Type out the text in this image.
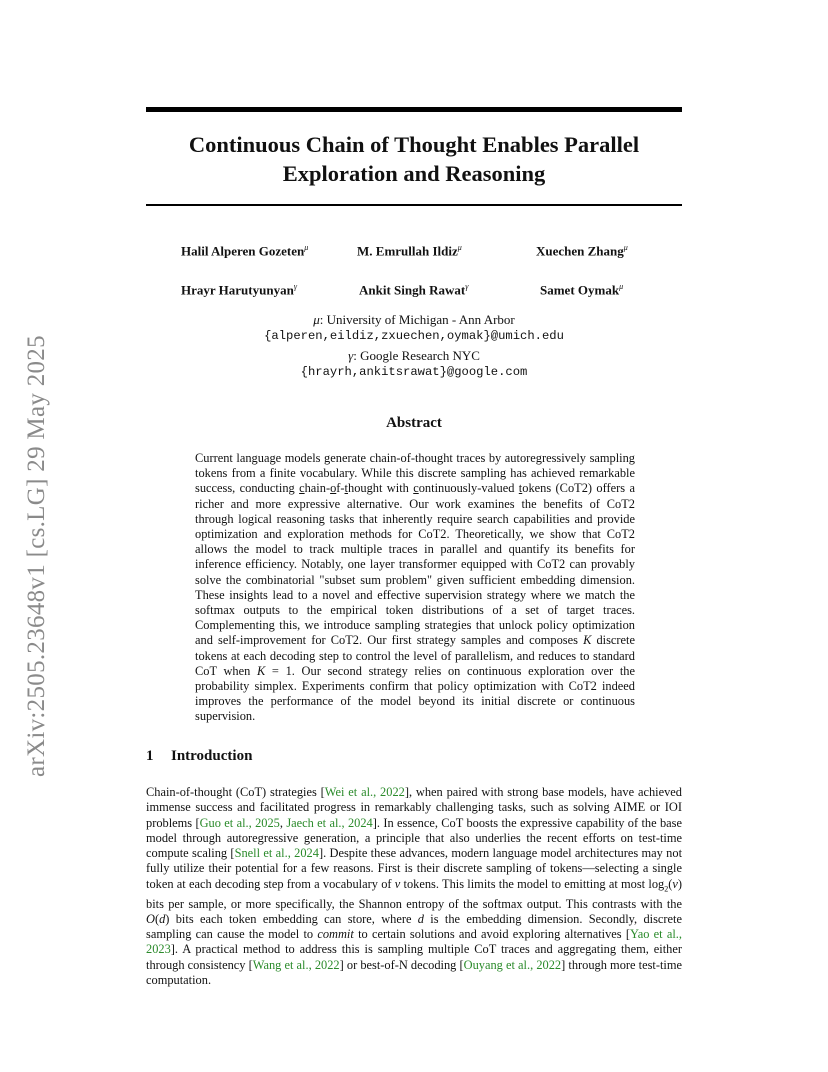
arXiv:2505.23648v1 [cs.LG] 29 May 2025
Continuous Chain of Thought Enables Parallel Exploration and Reasoning
Halil Alperen Gozeten$^\mu$	M. Emrullah Ildiz$^\mu$	Xuechen Zhang$^\mu$
Hrayr Harutyunyan$^\gamma$	Ankit Singh Rawat$^\gamma$	Samet Oymak$^\mu$
μ: University of Michigan - Ann Arbor
{alperen,eildiz,zxuechen,oymak}@umich.edu
γ: Google Research NYC
{hrayrh,ankitsrawat}@google.com
Abstract
Current language models generate chain-of-thought traces by autoregressively sampling tokens from a finite vocabulary. While this discrete sampling has achieved remarkable success, conducting chain-of-thought with continuously-valued tokens (CoT2) offers a richer and more expressive alternative. Our work examines the benefits of CoT2 through logical reasoning tasks that inherently require search capabilities and provide optimization and exploration methods for CoT2. Theoretically, we show that CoT2 allows the model to track multiple traces in parallel and quantify its benefits for inference efficiency. Notably, one layer transformer equipped with CoT2 can provably solve the combinatorial "subset sum problem" given sufficient embedding dimension. These insights lead to a novel and effective supervision strategy where we match the softmax outputs to the empirical token distributions of a set of target traces. Complementing this, we introduce sampling strategies that unlock policy optimization and self-improvement for CoT2. Our first strategy samples and composes K discrete tokens at each decoding step to control the level of parallelism, and reduces to standard CoT when K = 1. Our second strategy relies on continuous exploration over the probability simplex. Experiments confirm that policy optimization with CoT2 indeed improves the performance of the model beyond its initial discrete or continuous supervision.
1 Introduction
Chain-of-thought (CoT) strategies [Wei et al., 2022], when paired with strong base models, have achieved immense success and facilitated progress in remarkably challenging tasks, such as solving AIME or IOI problems [Guo et al., 2025, Jaech et al., 2024]. In essence, CoT boosts the expressive capability of the base model through autoregressive generation, a principle that also underlies the recent efforts on test-time compute scaling [Snell et al., 2024]. Despite these advances, modern language model architectures may not fully utilize their potential for a few reasons. First is their discrete sampling of tokens—selecting a single token at each decoding step from a vocabulary of v tokens. This limits the model to emitting at most $\log_2(v)$ bits per sample, or more specifically, the Shannon entropy of the softmax output. This contrasts with the O(d) bits each token embedding can store, where d is the embedding dimension. Secondly, discrete sampling can cause the model to commit to certain solutions and avoid exploring alternatives [Yao et al., 2023]. A practical method to address this is sampling multiple CoT traces and aggregating them, either through consistency [Wang et al., 2022] or best-of-N decoding [Ouyang et al., 2022] through more test-time computation.
